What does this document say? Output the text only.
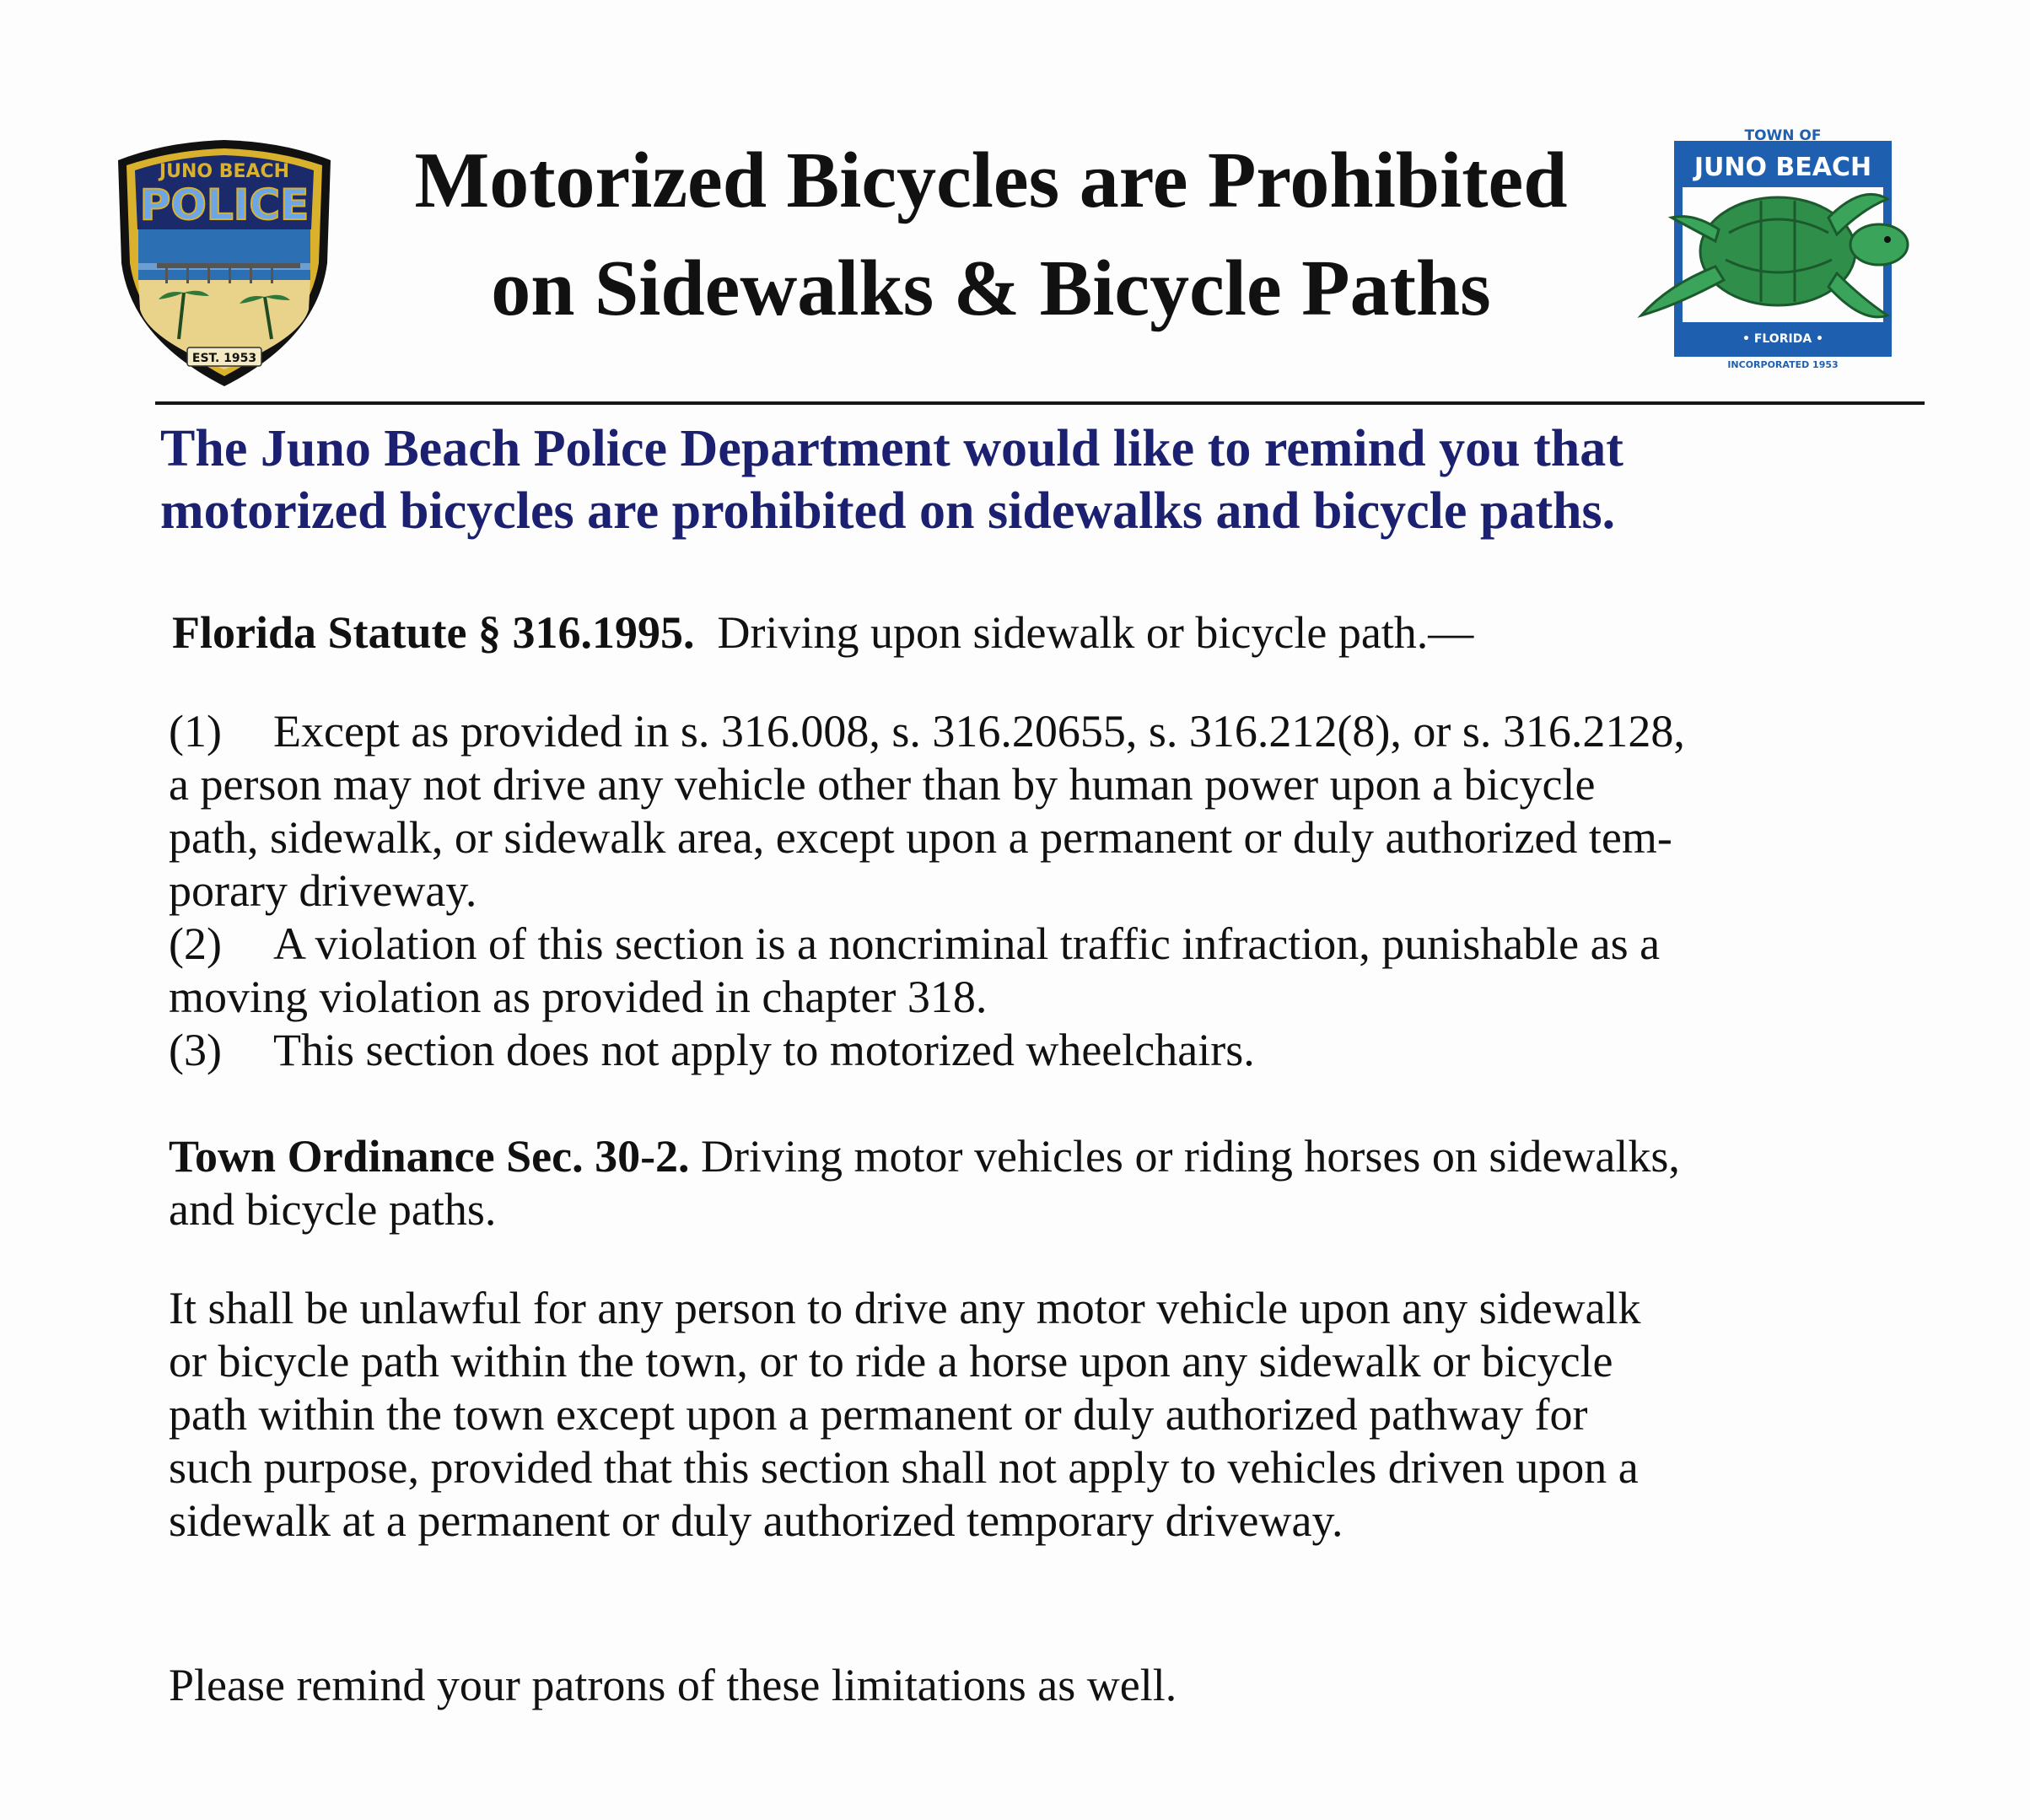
JUNO BEACH
POLICE
EST. 1953
Motorized Bicycles are Prohibited
on Sidewalks & Bicycle Paths
TOWN OF
JUNO BEACH
• FLORIDA •
INCORPORATED 1953
The Juno Beach Police Department would like to remind you that
motorized bicycles are prohibited on sidewalks and bicycle paths.
Florida Statute § 316.1995. Driving upon sidewalk or bicycle path.—
(1) Except as provided in s. 316.008, s. 316.20655, s. 316.212(8), or s. 316.2128,
a person may not drive any vehicle other than by human power upon a bicycle
path, sidewalk, or sidewalk area, except upon a permanent or duly authorized tem-
porary driveway.
(2) A violation of this section is a noncriminal traffic infraction, punishable as a
moving violation as provided in chapter 318.
(3) This section does not apply to motorized wheelchairs.
Town Ordinance Sec. 30-2. Driving motor vehicles or riding horses on sidewalks,
and bicycle paths.
It shall be unlawful for any person to drive any motor vehicle upon any sidewalk
or bicycle path within the town, or to ride a horse upon any sidewalk or bicycle
path within the town except upon a permanent or duly authorized pathway for
such purpose, provided that this section shall not apply to vehicles driven upon a
sidewalk at a permanent or duly authorized temporary driveway.
Please remind your patrons of these limitations as well.
